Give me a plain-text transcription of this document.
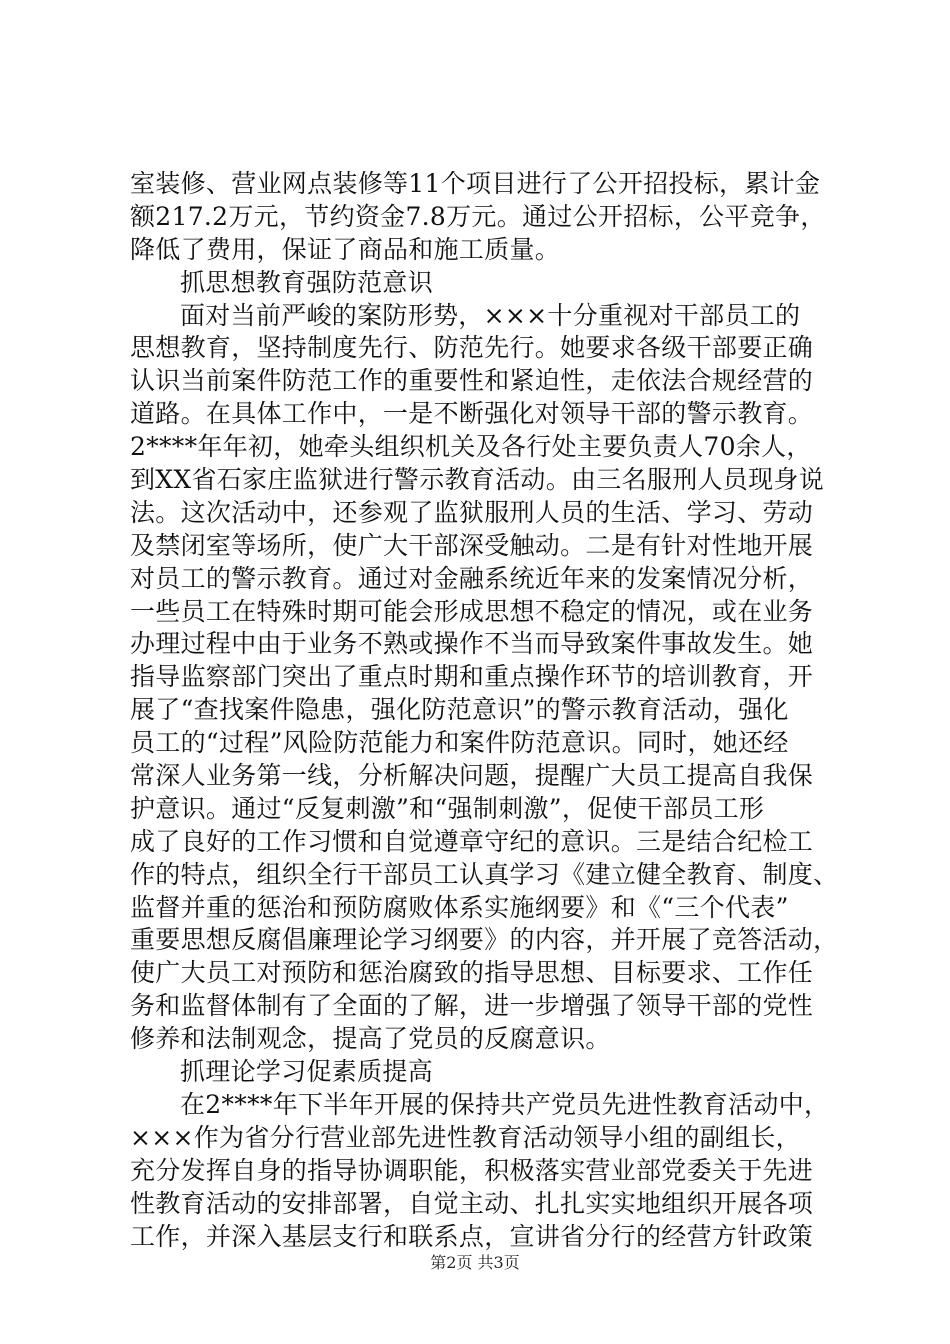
室装修、营业网点装修等11个项目进行了公开招投标，累计金
额217.2万元，节约资金7.8万元。通过公开招标，公平竞争，
降低了费用，保证了商品和施工质量。
抓思想教育强防范意识
面对当前严峻的案防形势，×××十分重视对干部员工的
思想教育，坚持制度先行、防范先行。她要求各级干部要正确
认识当前案件防范工作的重要性和紧迫性，走依法合规经营的
道路。在具体工作中，一是不断强化对领导干部的警示教育。
2****年年初，她牵头组织机关及各行处主要负责人70余人，
到XX省石家庄监狱进行警示教育活动。由三名服刑人员现身说
法。这次活动中，还参观了监狱服刑人员的生活、学习、劳动
及禁闭室等场所，使广大干部深受触动。二是有针对性地开展
对员工的警示教育。通过对金融系统近年来的发案情况分析，
一些员工在特殊时期可能会形成思想不稳定的情况，或在业务
办理过程中由于业务不熟或操作不当而导致案件事故发生。她
指导监察部门突出了重点时期和重点操作环节的培训教育，开
展了“查找案件隐患，强化防范意识”的警示教育活动，强化
员工的“过程”风险防范能力和案件防范意识。同时，她还经
常深人业务第一线，分析解决问题，提醒广大员工提高自我保
护意识。通过“反复刺激”和“强制刺激”，促使干部员工形
成了良好的工作习惯和自觉遵章守纪的意识。三是结合纪检工
作的特点，组织全行干部员工认真学习《建立健全教育、制度、
监督并重的惩治和预防腐败体系实施纲要》和《“三个代表”
重要思想反腐倡廉理论学习纲要》的内容，并开展了竞答活动，
使广大员工对预防和惩治腐致的指导思想、目标要求、工作任
务和监督体制有了全面的了解，进一步增强了领导干部的党性
修养和法制观念，提高了党员的反腐意识。
抓理论学习促素质提高
在2****年下半年开展的保持共产党员先进性教育活动中，
×××作为省分行营业部先进性教育活动领导小组的副组长，
充分发挥自身的指导协调职能，积极落实营业部党委关于先进
性教育活动的安排部署，自觉主动、扎扎实实地组织开展各项
工作，并深入基层支行和联系点，宣讲省分行的经营方针政策
第2页 共3页
